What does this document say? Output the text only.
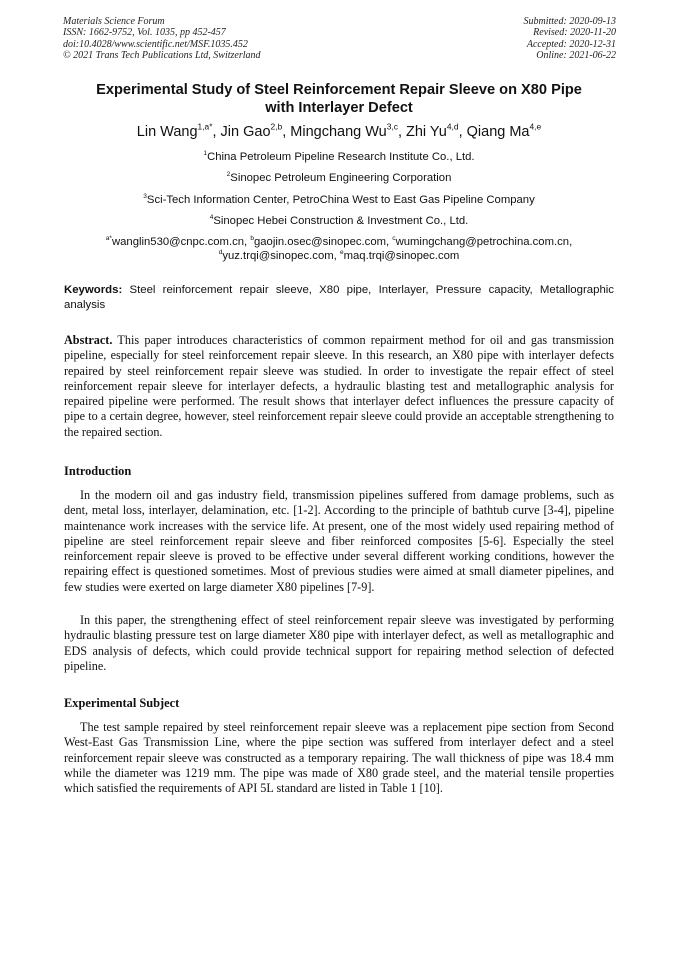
Materials Science Forum
ISSN: 1662-9752, Vol. 1035, pp 452-457
doi:10.4028/www.scientific.net/MSF.1035.452
© 2021 Trans Tech Publications Ltd, Switzerland
Submitted: 2020-09-13
Revised: 2020-11-20
Accepted: 2020-12-31
Online: 2021-06-22
Experimental Study of Steel Reinforcement Repair Sleeve on X80 Pipe
with Interlayer Defect
Lin Wang$^{1,a*}$, Jin Gao$^{2,b}$, Mingchang Wu$^{3,c}$, Zhi Yu$^{4,d}$, Qiang Ma$^{4,e}$
$^1$China Petroleum Pipeline Research Institute Co., Ltd.
$^2$Sinopec Petroleum Engineering Corporation
$^3$Sci-Tech Information Center, PetroChina West to East Gas Pipeline Company
$^4$Sinopec Hebei Construction & Investment Co., Ltd.
$^{a*}$wanglin530@cnpc.com.cn, $^b$gaojin.osec@sinopec.com, $^c$wumingchang@petrochina.com.cn,
$^d$yuz.trqi@sinopec.com, $^e$maq.trqi@sinopec.com
Keywords: Steel reinforcement repair sleeve, X80 pipe, Interlayer, Pressure capacity, Metallographic analysis
Abstract. This paper introduces characteristics of common repairment method for oil and gas transmission pipeline, especially for steel reinforcement repair sleeve. In this research, an X80 pipe with interlayer defects repaired by steel reinforcement repair sleeve was studied. In order to investigate the repair effect of steel reinforcement repair sleeve for interlayer defects, a hydraulic blasting test and metallographic analysis for repaired pipeline were performed. The result shows that interlayer defect influences the pressure capacity of pipe to a certain degree, however, steel reinforcement repair sleeve could provide an acceptable strengthening to the repaired section.
Introduction
In the modern oil and gas industry field, transmission pipelines suffered from damage problems, such as dent, metal loss, interlayer, delamination, etc. [1-2]. According to the principle of bathtub curve [3-4], pipeline maintenance work increases with the service life. At present, one of the most widely used repairing method of pipeline are steel reinforcement repair sleeve and fiber reinforced composites [5-6]. Especially the steel reinforcement repair sleeve is proved to be effective under several different working conditions, however the repairing effect is questioned sometimes. Most of previous studies were aimed at small diameter pipelines, and few studies were exerted on large diameter X80 pipelines [7-9].
In this paper, the strengthening effect of steel reinforcement repair sleeve was investigated by performing hydraulic blasting pressure test on large diameter X80 pipe with interlayer defect, as well as metallographic and EDS analysis of defects, which could provide technical support for repairing method selection of defected pipeline.
Experimental Subject
The test sample repaired by steel reinforcement repair sleeve was a replacement pipe section from Second West-East Gas Transmission Line, where the pipe section was suffered from interlayer defect and a steel reinforcement repair sleeve was constructed as a temporary repairing. The wall thickness of pipe was 18.4 mm while the diameter was 1219 mm. The pipe was made of X80 grade steel, and the material tensile properties which satisfied the requirements of API 5L standard are listed in Table 1 [10].
